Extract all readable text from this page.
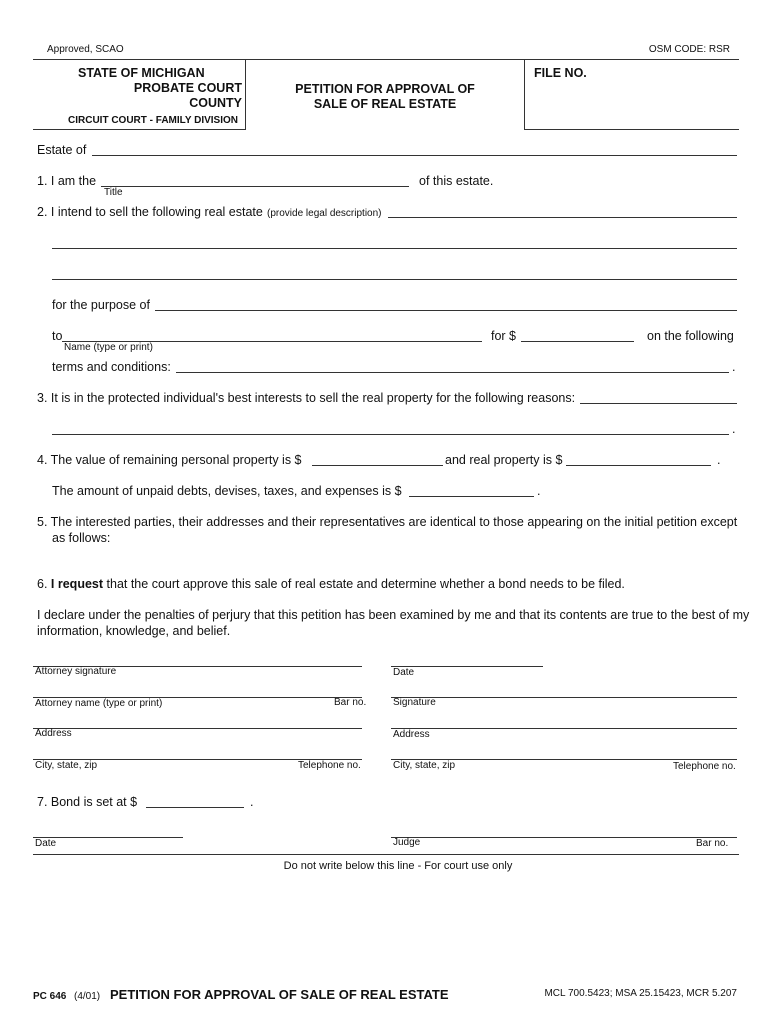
Approved, SCAO	OSM CODE: RSR
STATE OF MICHIGAN
PROBATE COURT
COUNTY
CIRCUIT COURT - FAMILY DIVISION
PETITION FOR APPROVAL OF
SALE OF REAL ESTATE
FILE NO.
Estate of
1. I am the	of this estate.
Title
2. I intend to sell the following real estate (provide legal description)
for the purpose of
to
Name (type or print)
for $	on the following
terms and conditions:	.
3. It is in the protected individual's best interests to sell the real property for the following reasons:
.
4. The value of remaining personal property is $	and real property is $	.
The amount of unpaid debts, devises, taxes, and expenses is $	.
5. The interested parties, their addresses and their representatives are identical to those appearing on the initial petition except
as follows:
6. I request that the court approve this sale of real estate and determine whether a bond needs to be filed.
I declare under the penalties of perjury that this petition has been examined by me and that its contents are true to the best of my
information, knowledge, and belief.
Attorney signature	Date
Attorney name (type or print)	Bar no.	Signature
Address	Address
City, state, zip	Telephone no.	City, state, zip	Telephone no.
7. Bond is set at $	.
Date	Judge	Bar no.
Do not write below this line - For court use only
PC 646 (4/01) PETITION FOR APPROVAL OF SALE OF REAL ESTATE	MCL 700.5423; MSA 25.15423, MCR 5.207
